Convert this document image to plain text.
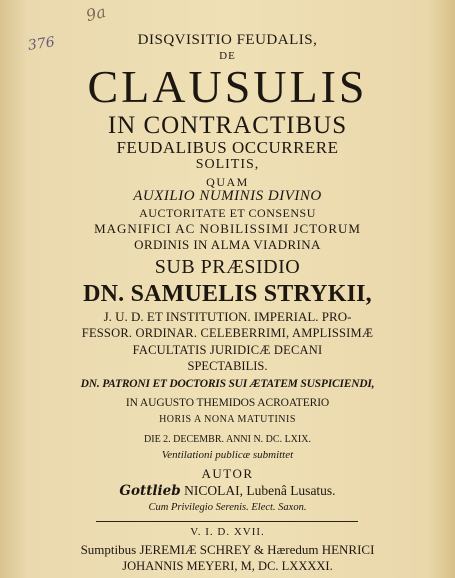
9a
376	DISQVISITIO FEUDALIS,
DE
CLAUSULIS
IN CONTRACTIBUS
FEUDALIBUS OCCURRERE
SOLITIS,
QUAM
AUXILIO NUMINIS DIVINO
AUCTORITATE ET CONSENSU
MAGNIFICI AC NOBILISSIMI JCTORUM
ORDINIS IN ALMA VIADRINA
SUB PRÆSIDIO
DN. SAMUELIS STRYKII,
J. U. D. ET INSTITUTION. IMPERIAL. PRO-
FESSOR. ORDINAR. CELEBERRIMI, AMPLISSIMÆ
FACULTATIS JURIDICÆ DECANI
SPECTABILIS.
DN. PATRONI ET DOCTORIS SUI ÆTATEM SUSPICIENDI,
IN AUGUSTO THEMIDOS ACROATERIO
HORIS A NONA MATUTINIS
DIE 2. DECEMBR. ANNI N. DC. LXIX.
Ventilationi publicæ submittet
AUTOR
Gottlieb NICOLAI, Lubenâ Lusatus.
Cum Privilegio Serenis. Elect. Saxon.
V. I. D. XVII.
Sumptibus JEREMIÆ SCHREY & Hæredum HENRICI
JOHANNIS MEYERI, M, DC. LXXXXI.
